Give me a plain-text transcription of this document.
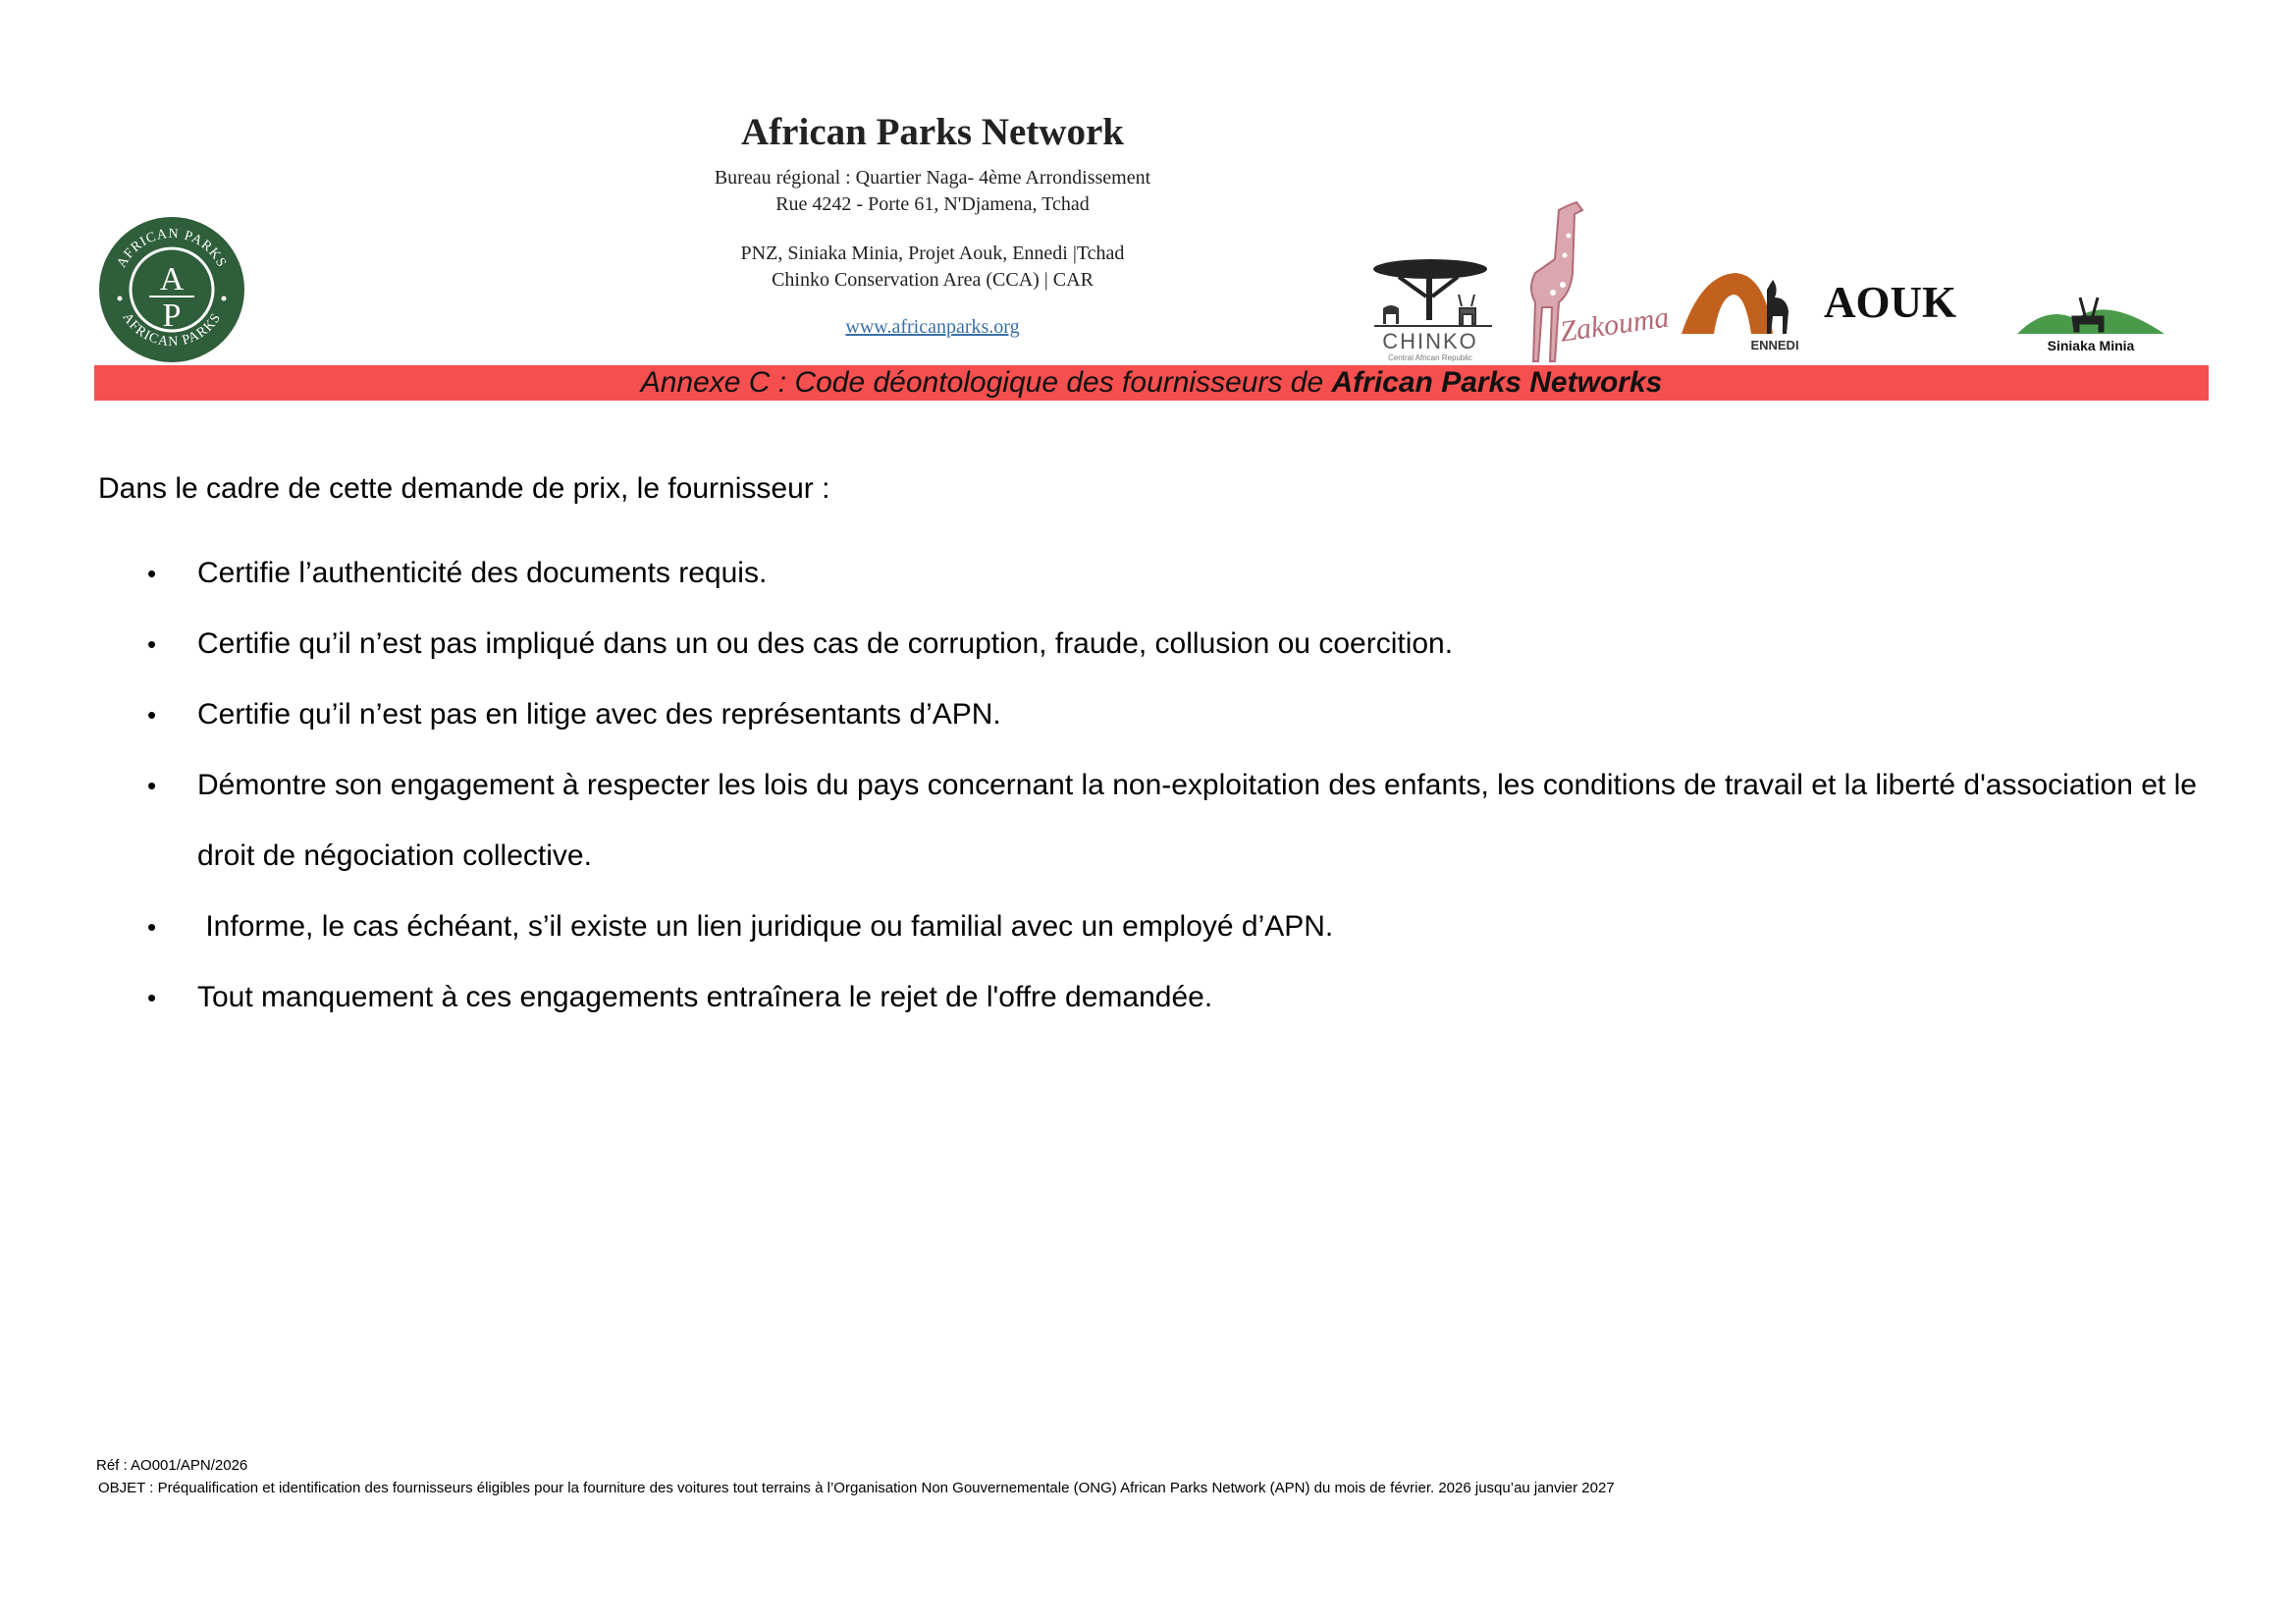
African Parks Network
Bureau régional : Quartier Naga- 4ème Arrondissement
Rue 4242 - Porte 61, N'Djamena, Tchad
PNZ, Siniaka Minia, Projet Aouk, Ennedi |Tchad
Chinko Conservation Area (CCA) | CAR
www.africanparks.org
AFRICAN PARKS
AFRICAN PARKS
A
P
CHINKO
Central African Republic
Zakouma	ENNEDI
AOUK
Siniaka Minia
Annexe C : Code déontologique des fournisseurs de African Parks Networks
Dans le cadre de cette demande de prix, le fournisseur :
• Certifie l’authenticité des documents requis.
• Certifie qu’il n’est pas impliqué dans un ou des cas de corruption, fraude, collusion ou coercition.
• Certifie qu’il n’est pas en litige avec des représentants d’APN.
• Démontre son engagement à respecter les lois du pays concernant la non-exploitation des enfants, les conditions de travail et la liberté d'association et le droit de négociation collective.
•  Informe, le cas échéant, s’il existe un lien juridique ou familial avec un employé d’APN.
• Tout manquement à ces engagements entraînera le rejet de l'offre demandée.
Réf : AO001/APN/2026
OBJET : Préqualification et identification des fournisseurs éligibles pour la fourniture des voitures tout terrains à l’Organisation Non Gouvernementale (ONG) African Parks Network (APN) du mois de février. 2026 jusqu’au janvier 2027
